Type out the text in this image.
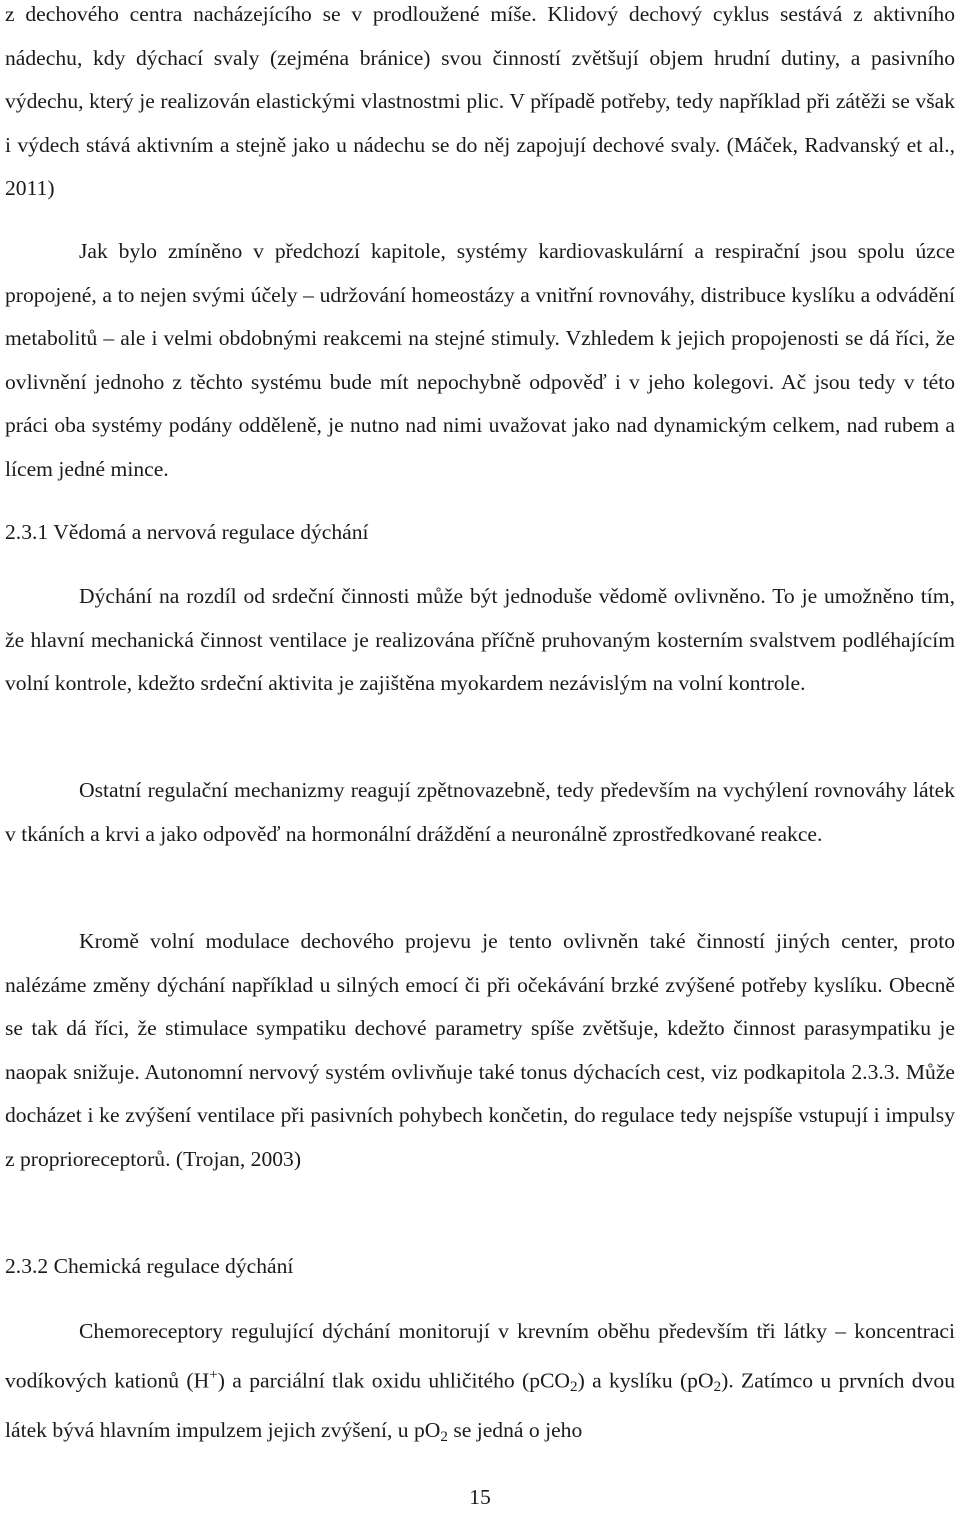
z dechového centra nacházejícího se v prodloužené míše. Klidový dechový cyklus sestává z aktivního nádechu, kdy dýchací svaly (zejména bránice) svou činností zvětšují objem hrudní dutiny, a pasivního výdechu, který je realizován elastickými vlastnostmi plic. V případě potřeby, tedy například při zátěži se však i výdech stává aktivním a stejně jako u nádechu se do něj zapojují dechové svaly. (Máček, Radvanský et al., 2011)

Jak bylo zmíněno v předchozí kapitole, systémy kardiovaskulární a respirační jsou spolu úzce propojené, a to nejen svými účely – udržování homeostázy a vnitřní rovnováhy, distribuce kyslíku a odvádění metabolitů – ale i velmi obdobnými reakcemi na stejné stimuly. Vzhledem k jejich propojenosti se dá říci, že ovlivnění jednoho z těchto systému bude mít nepochybně odpověď i v jeho kolegovi. Ač jsou tedy v této práci oba systémy podány odděleně, je nutno nad nimi uvažovat jako nad dynamickým celkem, nad rubem a lícem jedné mince.

2.3.1 Vědomá a nervová regulace dýchání

Dýchání na rozdíl od srdeční činnosti může být jednoduše vědomě ovlivněno. To je umožněno tím, že hlavní mechanická činnost ventilace je realizována příčně pruhovaným kosterním svalstvem podléhajícím volní kontrole, kdežto srdeční aktivita je zajištěna myokardem nezávislým na volní kontrole.

Ostatní regulační mechanizmy reagují zpětnovazebně, tedy především na vychýlení rovnováhy látek v tkáních a krvi a jako odpověď na hormonální dráždění a neuronálně zprostředkované reakce.

Kromě volní modulace dechového projevu je tento ovlivněn také činností jiných center, proto nalézáme změny dýchání například u silných emocí či při očekávání brzké zvýšené potřeby kyslíku. Obecně se tak dá říci, že stimulace sympatiku dechové parametry spíše zvětšuje, kdežto činnost parasympatiku je naopak snižuje. Autonomní nervový systém ovlivňuje také tonus dýchacích cest, viz podkapitola 2.3.3. Může docházet i ke zvýšení ventilace při pasivních pohybech končetin, do regulace tedy nejspíše vstupují i impulsy z proprioreceptorů. (Trojan, 2003)

2.3.2 Chemická regulace dýchání

Chemoreceptory regulující dýchání monitorují v krevním oběhu především tři látky – koncentraci vodíkových kationů (H+) a parciální tlak oxidu uhličitého (pCO$_2$) a kyslíku $(pO_2)$. Zatímco u prvních dvou látek bývá hlavním impulzem jejich zvýšení, u $pO_2$ se jedná o jeho

15
